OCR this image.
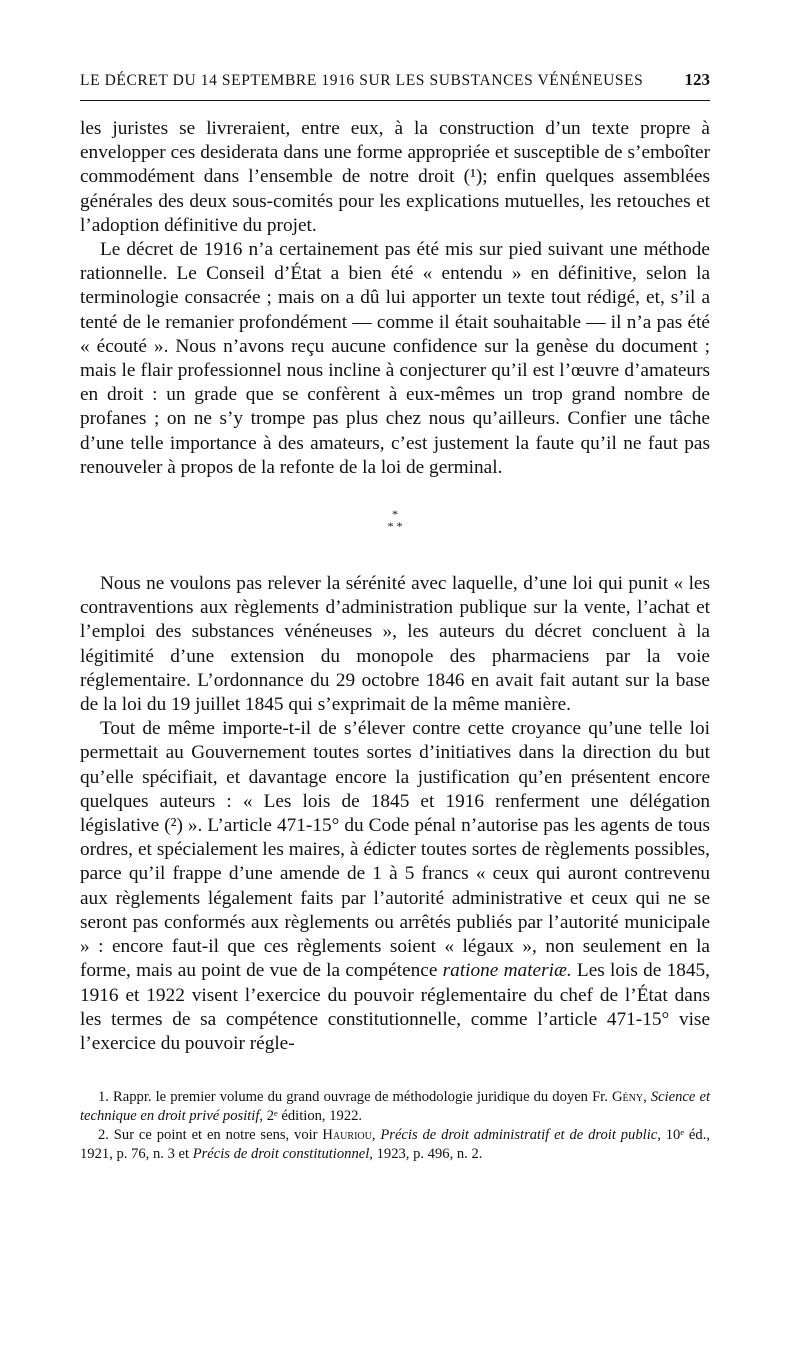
LE DÉCRET DU 14 SEPTEMBRE 1916 SUR LES SUBSTANCES VÉNÉNEUSES 123

les juristes se livreraient, entre eux, à la construction d’un texte propre à envelopper ces desiderata dans une forme appropriée et susceptible de s’emboîter commodément dans l’ensemble de notre droit (¹); enfin quelques assemblées générales des deux sous-comités pour les explications mutuelles, les retouches et l’adoption définitive du projet.

Le décret de 1916 n’a certainement pas été mis sur pied suivant une méthode rationnelle. Le Conseil d’État a bien été « entendu » en définitive, selon la terminologie consacrée ; mais on a dû lui apporter un texte tout rédigé, et, s’il a tenté de le remanier profondément — comme il était souhaitable — il n’a pas été « écouté ». Nous n’avons reçu aucune confidence sur la genèse du document ; mais le flair professionnel nous incline à conjecturer qu’il est l’œuvre d’amateurs en droit : un grade que se confèrent à eux-mêmes un trop grand nombre de profanes ; on ne s’y trompe pas plus chez nous qu’ailleurs. Confier une tâche d’une telle importance à des amateurs, c’est justement la faute qu’il ne faut pas renouveler à propos de la refonte de la loi de germinal.

*
* *

Nous ne voulons pas relever la sérénité avec laquelle, d’une loi qui punit « les contraventions aux règlements d’administration publique sur la vente, l’achat et l’emploi des substances vénéneuses », les auteurs du décret concluent à la légitimité d’une extension du monopole des pharmaciens par la voie réglementaire. L’ordonnance du 29 octobre 1846 en avait fait autant sur la base de la loi du 19 juillet 1845 qui s’exprimait de la même manière.

Tout de même importe-t-il de s’élever contre cette croyance qu’une telle loi permettait au Gouvernement toutes sortes d’initiatives dans la direction du but qu’elle spécifiait, et davantage encore la justification qu’en présentent encore quelques auteurs : « Les lois de 1845 et 1916 renferment une délégation législative (²) ». L’article 471-15° du Code pénal n’autorise pas les agents de tous ordres, et spécialement les maires, à édicter toutes sortes de règlements possibles, parce qu’il frappe d’une amende de 1 à 5 francs « ceux qui auront contrevenu aux règlements légalement faits par l’autorité administrative et ceux qui ne se seront pas conformés aux règlements ou arrêtés publiés par l’autorité municipale » : encore faut-il que ces règlements soient « légaux », non seulement en la forme, mais au point de vue de la compétence ratione materiæ. Les lois de 1845, 1916 et 1922 visent l’exercice du pouvoir réglementaire du chef de l’État dans les termes de sa compétence constitutionnelle, comme l’article 471-15° vise l’exercice du pouvoir régle-

1. Rappr. le premier volume du grand ouvrage de méthodologie juridique du doyen Fr. Gény, Science et technique en droit privé positif, 2ᵉ édition, 1922.

2. Sur ce point et en notre sens, voir Hauriou, Précis de droit administratif et de droit public, 10ᵉ éd., 1921, p. 76, n. 3 et Précis de droit constitutionnel, 1923, p. 496, n. 2.
